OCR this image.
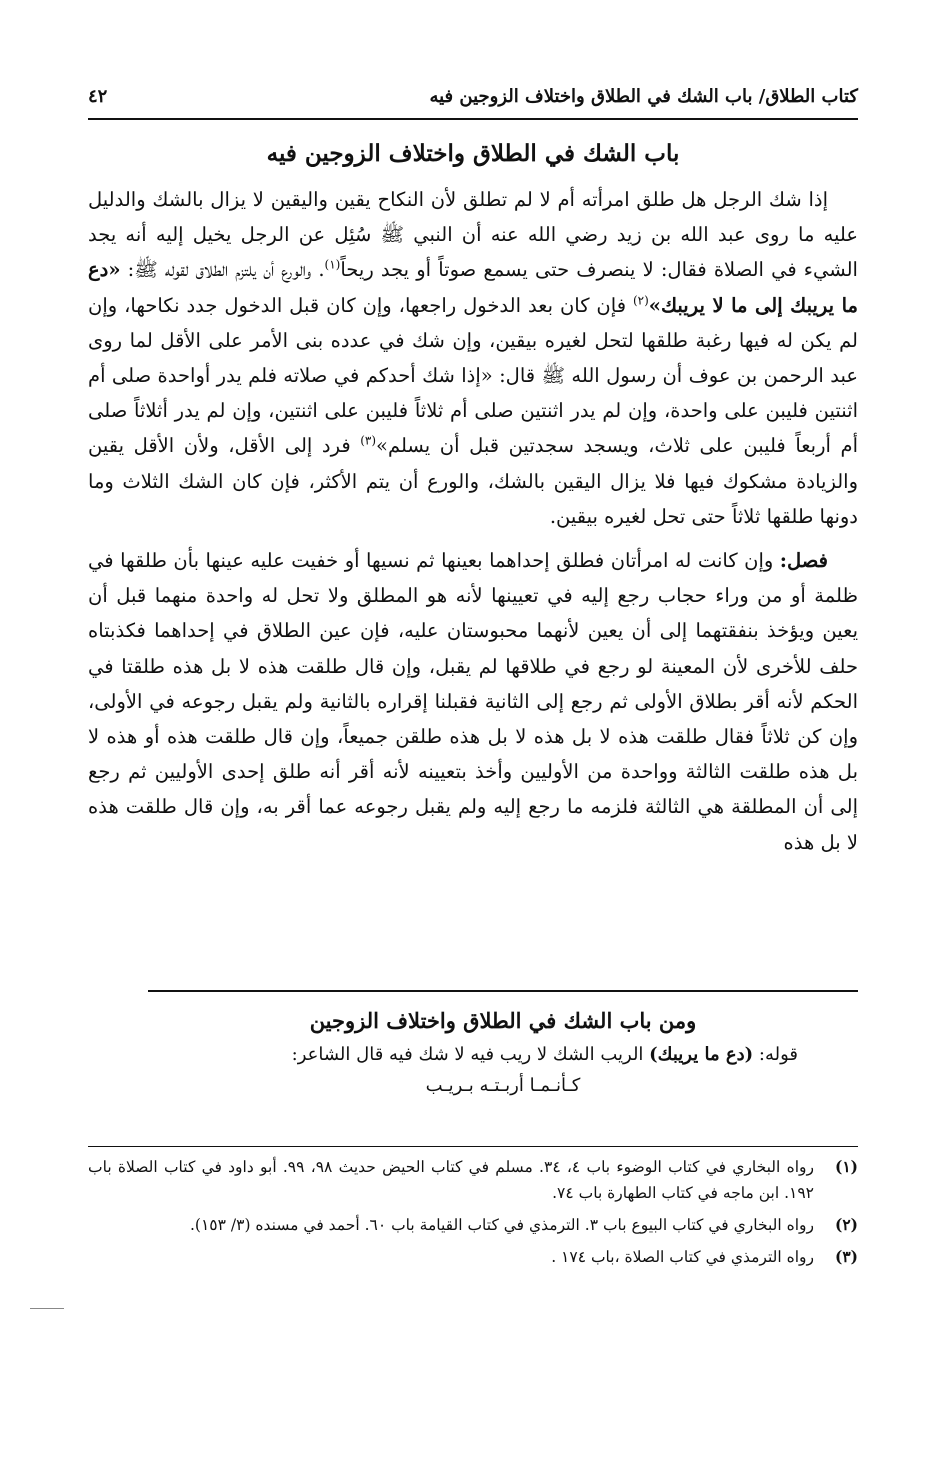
كتاب الطلاق/ باب الشك في الطلاق واختلاف الزوجين فيه
٤٢
باب الشك في الطلاق واختلاف الزوجين فيه

إذا شك الرجل هل طلق امرأته أم لا لم تطلق لأن النكاح يقين واليقين لا يزال بالشك والدليل عليه ما روى عبد الله بن زيد رضي الله عنه أن النبي ﷺ سُئِل عن الرجل يخيل إليه أنه يجد الشيء في الصلاة فقال: لا ينصرف حتى يسمع صوتاً أو يجد ريحاً$^{(١)}$. والورع أن يلتزم الطلاق لقوله ﷺ: «دع ما يريبك إلى ما لا يريبك»$^{(٢)}$ فإن كان بعد الدخول راجعها، وإن كان قبل الدخول جدد نكاحها، وإن لم يكن له فيها رغبة طلقها لتحل لغيره بيقين، وإن شك في عدده بنى الأمر على الأقل لما روى عبد الرحمن بن عوف أن رسول الله ﷺ قال: «إذا شك أحدكم في صلاته فلم يدر أواحدة صلى أم اثنتين فليبن على واحدة، وإن لم يدر اثنتين صلى أم ثلاثاً فليبن على اثنتين، وإن لم يدر أثلاثاً صلى أم أربعاً فليبن على ثلاث، ويسجد سجدتين قبل أن يسلم»$^{(٣)}$ فرد إلى الأقل، ولأن الأقل يقين والزيادة مشكوك فيها فلا يزال اليقين بالشك، والورع أن يتم الأكثر، فإن كان الشك الثلاث وما دونها طلقها ثلاثاً حتى تحل لغيره بيقين.

فصل: وإن كانت له امرأتان فطلق إحداهما بعينها ثم نسيها أو خفيت عليه عينها بأن طلقها في ظلمة أو من وراء حجاب رجع إليه في تعيينها لأنه هو المطلق ولا تحل له واحدة منهما قبل أن يعين ويؤخذ بنفقتهما إلى أن يعين لأنهما محبوستان عليه، فإن عين الطلاق في إحداهما فكذبتاه حلف للأخرى لأن المعينة لو رجع في طلاقها لم يقبل، وإن قال طلقت هذه لا بل هذه طلقتا في الحكم لأنه أقر بطلاق الأولى ثم رجع إلى الثانية فقبلنا إقراره بالثانية ولم يقبل رجوعه في الأولى، وإن كن ثلاثاً فقال طلقت هذه لا بل هذه لا بل هذه طلقن جميعاً، وإن قال طلقت هذه أو هذه لا بل هذه طلقت الثالثة وواحدة من الأوليين وأخذ بتعيينه لأنه أقر أنه طلق إحدى الأوليين ثم رجع إلى أن المطلقة هي الثالثة فلزمه ما رجع إليه ولم يقبل رجوعه عما أقر به، وإن قال طلقت هذه لا بل هذه

ومن باب الشك في الطلاق واختلاف الزوجين

قوله: (دع ما يريبك) الريب الشك لا ريب فيه لا شك فيه قال الشاعر:

كـأنـمـا أربـتـه بـريـب

(١)
رواه البخاري في كتاب الوضوء باب ٤، ٣٤. مسلم في كتاب الحيض حديث ٩٨، ٩٩. أبو داود في كتاب الصلاة باب ١٩٢. ابن ماجه في كتاب الطهارة باب ٧٤.
(٢)
رواه البخاري في كتاب البيوع باب ٣. الترمذي في كتاب القيامة باب ٦٠. أحمد في مسنده (٣/ ١٥٣).
(٣)
رواه الترمذي في كتاب الصلاة ،باب ١٧٤ .
